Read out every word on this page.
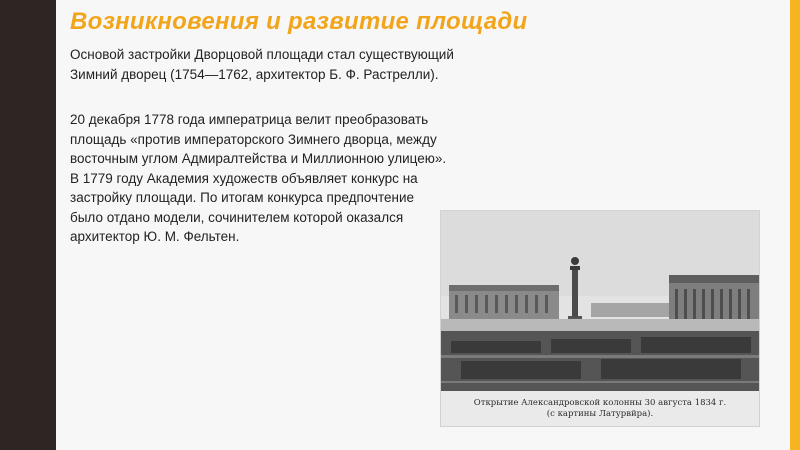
Возникновения и развитие площади

Основой застройки Дворцовой площади стал существующий Зимний дворец (1754—1762, архитектор Б. Ф. Растрелли).

20 декабря 1778 года императрица велит преобразовать площадь «против императорского Зимнего дворца, между восточным углом Адмиралтейства и Миллионною улицею». В 1779 году Академия художеств объявляет конкурс на застройку площади. По итогам конкурса предпочтение было отдано модели, сочинителем которой оказался архитектор Ю. М. Фельтен.

Открытие Александровской колонны 30 августа 1834 г.
(с картины Латурвйра).
